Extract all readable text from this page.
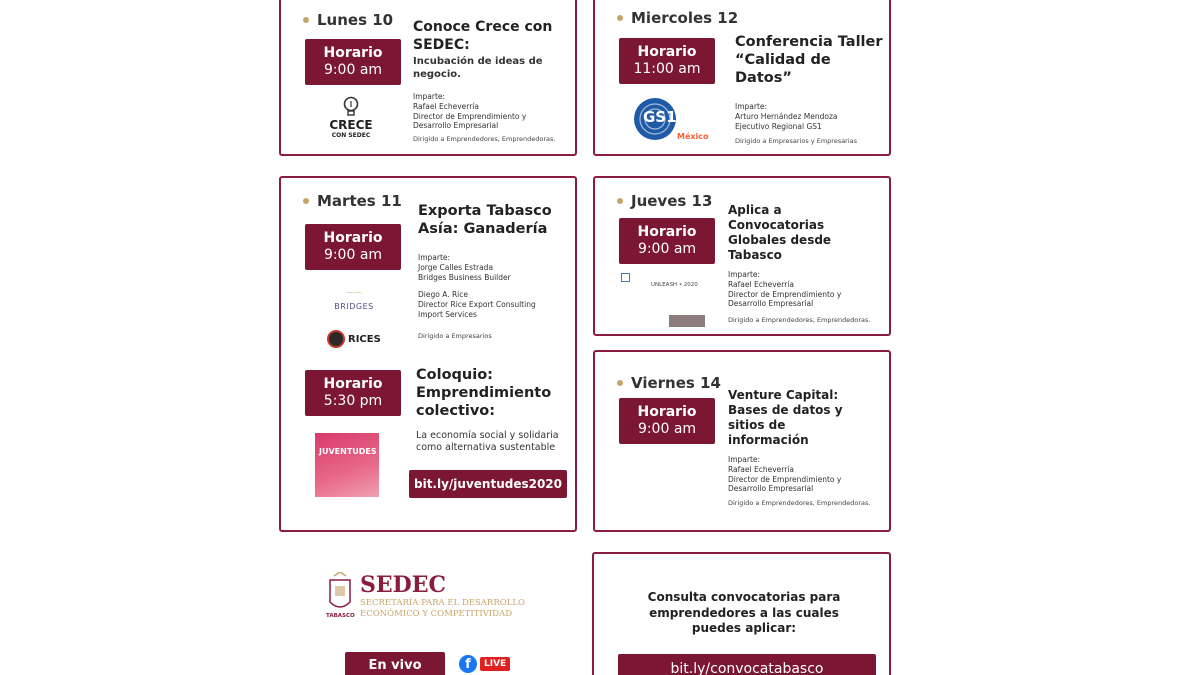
Lunes 10
Horario
9:00 am
Conoce Crece con SEDEC:
Incubación de ideas de negocio.
Imparte:
Rafael Echeverría
Director de Emprendimiento y
Desarrollo Empresarial
Dirigido a Emprendedores, Emprendedoras.
CRECE
CON SEDEC
Miercoles 12
Horario
11:00 am
Conferencia Taller “Calidad de Datos”
Imparte:
Arturo Hernández Mendoza
Ejecutivo Regional GS1
Dirigido a Empresarios y Empresarias
GS1
México
Martes 11
Horario
9:00 am
Exporta Tabasco Asía: Ganadería
Imparte:
Jorge Calles Estrada
Bridges Business Builder
Diego A. Rice
Director Rice Export Consulting
Import Services
Dirigido a Empresarios
⌒⌒
BRIDGES
RICES
Horario
5:30 pm
Coloquio: Emprendimiento colectivo:
La economía social y solidaria como alternativa sustentable
JUVENTUDES
bit.ly/juventudes2020
Jueves 13
Horario
9:00 am
Aplica a Convocatorias Globales desde Tabasco
Imparte:
Rafael Echeverría
Director de Emprendimiento y
Desarrollo Empresarial
Dirigido a Emprendedores, Emprendedoras.
UNLEASH • 2020
Viernes 14
Horario
9:00 am
Venture Capital: Bases de datos y sitios de información
Imparte:
Rafael Echeverría
Director de Emprendimiento y
Desarrollo Empresarial
Dirigido a Emprendedores, Emprendedoras.
Consulta convocatorias para emprendedores a las cuales puedes aplicar:
bit.ly/convocatabasco
TABASCO
SEDEC
SECRETARÍA PARA EL DESARROLLO
ECONÓMICO Y COMPETITIVIDAD
En vivo	f	LIVE
